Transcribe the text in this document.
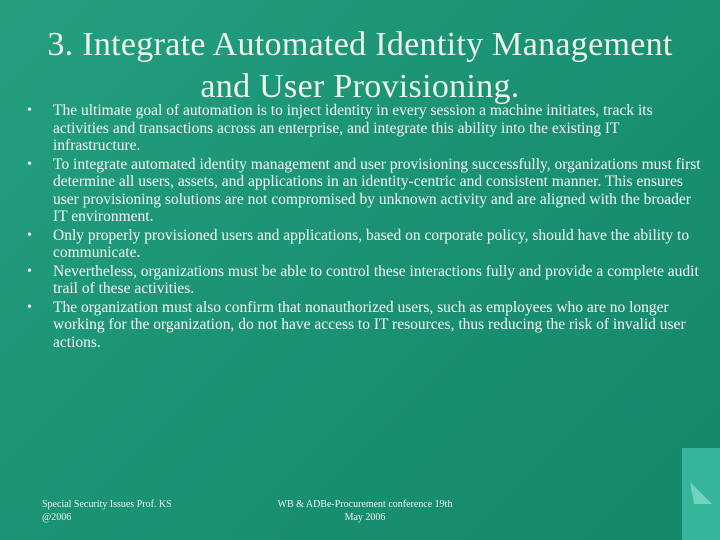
3. Integrate Automated Identity Management and User Provisioning.
• The ultimate goal of automation is to inject identity in every session a machine initiates, track its activities and transactions across an enterprise, and integrate this ability into the existing IT infrastructure.
• To integrate automated identity management and user provisioning successfully, organizations must first determine all users, assets, and applications in an identity-centric and consistent manner. This ensures user provisioning solutions are not compromised by unknown activity and are aligned with the broader IT environment.
• Only properly provisioned users and applications, based on corporate policy, should have the ability to communicate.
• Nevertheless, organizations must be able to control these interactions fully and provide a complete audit trail of these activities.
• The organization must also confirm that nonauthorized users, such as employees who are no longer working for the organization, do not have access to IT resources, thus reducing the risk of invalid user actions.
Special Security Issues Prof. KS
@2006
WB & ADBe-Procurement conference 19th
May 2006
